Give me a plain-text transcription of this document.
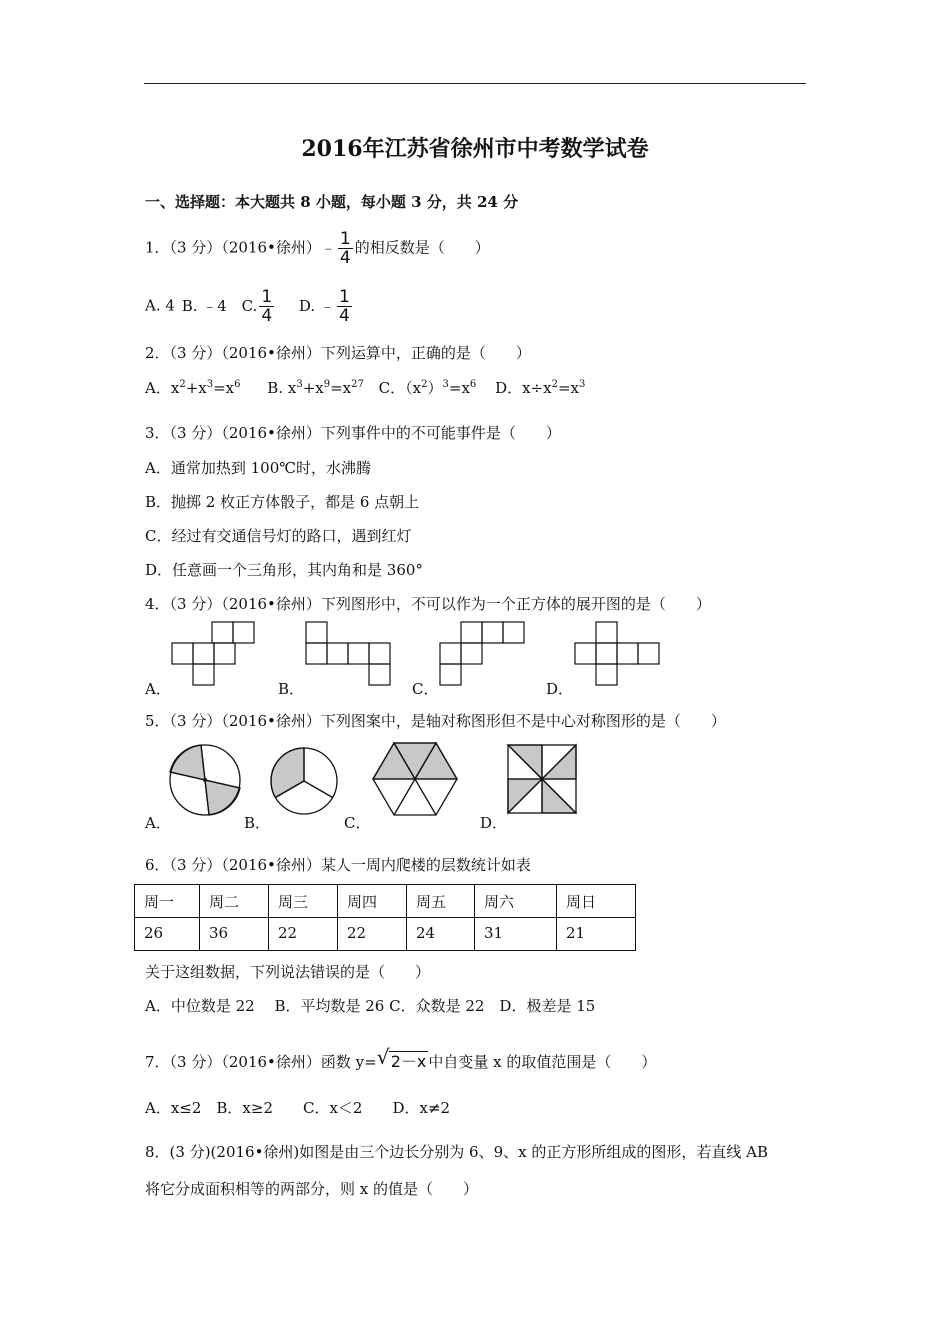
2016年江苏省徐州市中考数学试卷
一、选择题：本大题共 8 小题，每小题 3 分，共 24 分
1．（3 分）（2016•徐州）﹣ $\frac{1}{4}$ 的相反数是（　　）
A. 4 B. ﹣4 C. $\frac{1}{4} D$. ﹣ $\frac{1}{4}$
2．（3 分）（2016•徐州）下列运算中，正确的是（　　）
A．$x^2+x^3=x^6$ B. $x^3+x^9=x^{27}$ C．$(x^2)^3=x^6$ D．$x\div x^2=x^3$
3．（3 分）（2016•徐州）下列事件中的不可能事件是（　　）
A．通常加热到 100℃时，水沸腾
B．抛掷 2 枚正方体骰子，都是 6 点朝上
C．经过有交通信号灯的路口，遇到红灯
D．任意画一个三角形，其内角和是 360°
4．（3 分）（2016•徐州）下列图形中，不可以作为一个正方体的展开图的是（　　）
A．	B．	C．	D．
5．（3 分）（2016•徐州）下列图案中，是轴对称图形但不是中心对称图形的是（　　）
A．	B．	C．	D．
6．（3 分）（2016•徐州）某人一周内爬楼的层数统计如表
周一	周二	周三	周四	周五	周六	周日
26	36	22	22	24	31	21
关于这组数据，下列说法错误的是（　　）
A．中位数是 22　 B．平均数是 26 C．众数是 22　D．极差是 15
7．（3 分）（2016•徐州）函数 y= √ 2－x 中自变量 x 的取值范围是（　　）
A．x≤2　B．x≥2　　C．x＜2　　D．x≠2
8．(3 分)(2016•徐州)如图是由三个边长分别为 6、9、x 的正方形所组成的图形，若直线 AB
将它分成面积相等的两部分，则 x 的值是（　　）
